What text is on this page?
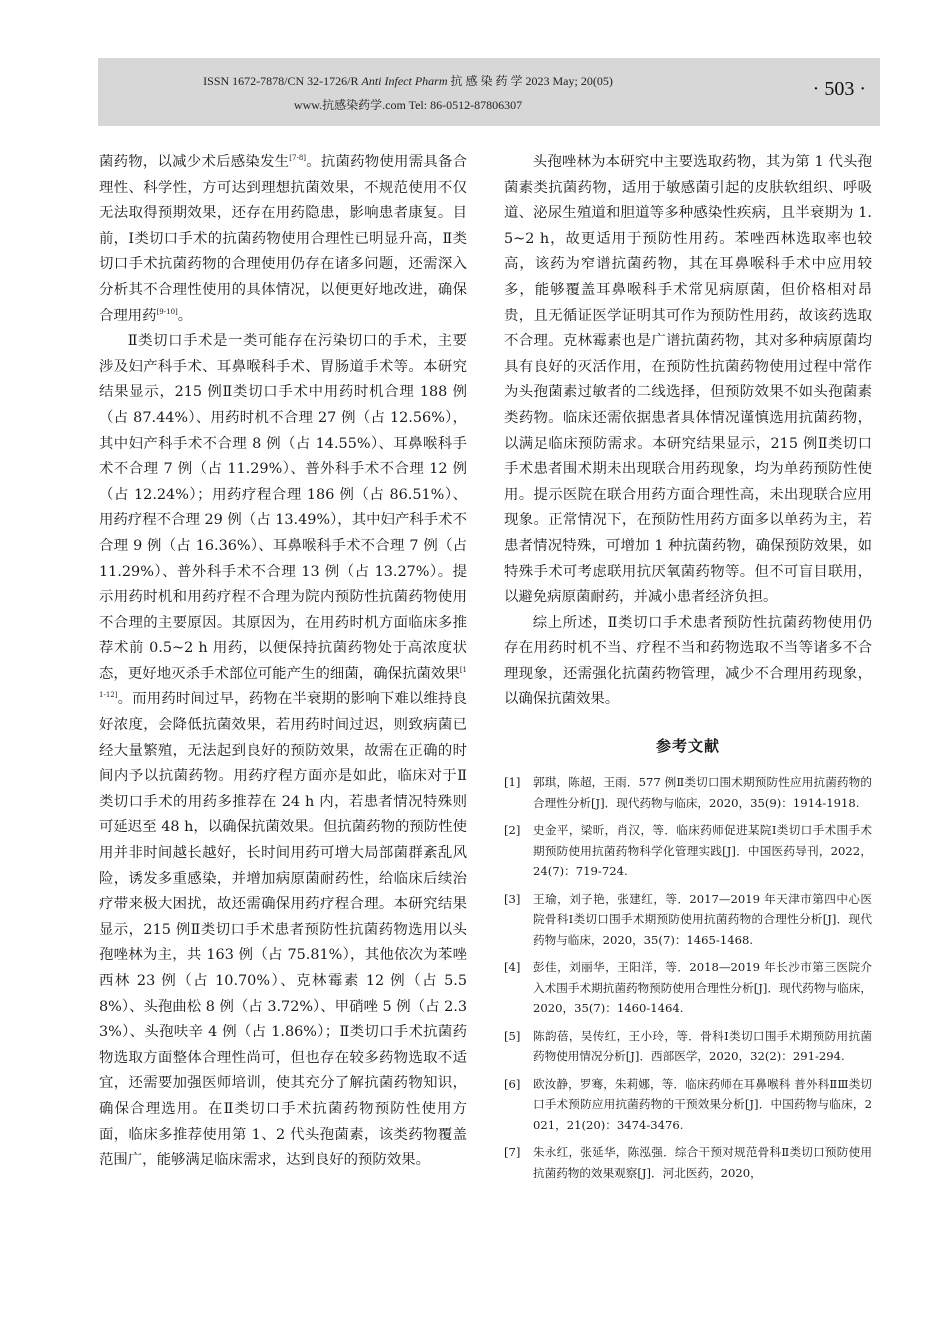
ISSN 1672-7878/CN 32-1726/R Anti Infect Pharm 抗 感 染 药 学 2023 May; 20(05)
www.抗感染药学.com Tel: 86-0512-87806307
· 503 ·

菌药物，以减少术后感染发生[7-8]。抗菌药物使用需具备合理性、科学性，方可达到理想抗菌效果，不规范使用不仅无法取得预期效果，还存在用药隐患，影响患者康复。目前，Ⅰ类切口手术的抗菌药物使用合理性已明显升高，Ⅱ类切口手术抗菌药物的合理使用仍存在诸多问题，还需深入分析其不合理性使用的具体情况，以便更好地改进，确保合理用药[9-10]。

Ⅱ类切口手术是一类可能存在污染切口的手术，主要涉及妇产科手术、耳鼻喉科手术、胃肠道手术等。本研究结果显示，215 例Ⅱ类切口手术中用药时机合理 188 例（占 87.44%）、用药时机不合理 27 例（占 12.56%），其中妇产科手术不合理 8 例（占 14.55%）、耳鼻喉科手术不合理 7 例（占 11.29%）、普外科手术不合理 12 例（占 12.24%）；用药疗程合理 186 例（占 86.51%）、用药疗程不合理 29 例（占 13.49%），其中妇产科手术不合理 9 例（占 16.36%）、耳鼻喉科手术不合理 7 例（占 11.29%）、普外科手术不合理 13 例（占 13.27%）。提示用药时机和用药疗程不合理为院内预防性抗菌药物使用不合理的主要原因。其原因为，在用药时机方面临床多推荐术前 0.5~2 h 用药，以便保持抗菌药物处于高浓度状态，更好地灭杀手术部位可能产生的细菌，确保抗菌效果[11-12]。而用药时间过早，药物在半衰期的影响下难以维持良好浓度，会降低抗菌效果，若用药时间过迟，则致病菌已经大量繁殖，无法起到良好的预防效果，故需在正确的时间内予以抗菌药物。用药疗程方面亦是如此，临床对于Ⅱ类切口手术的用药多推荐在 24 h 内，若患者情况特殊则可延迟至 48 h，以确保抗菌效果。但抗菌药物的预防性使用并非时间越长越好，长时间用药可增大局部菌群紊乱风险，诱发多重感染，并增加病原菌耐药性，给临床后续治疗带来极大困扰，故还需确保用药疗程合理。本研究结果显示，215 例Ⅱ类切口手术患者预防性抗菌药物选用以头孢唑林为主，共 163 例（占 75.81%），其他依次为苯唑西林 23 例（占 10.70%）、克林霉素 12 例（占 5.58%）、头孢曲松 8 例（占 3.72%）、甲硝唑 5 例（占 2.33%）、头孢呋辛 4 例（占 1.86%）；Ⅱ类切口手术抗菌药物选取方面整体合理性尚可，但也存在较多药物选取不适宜，还需要加强医师培训，使其充分了解抗菌药物知识，确保合理选用。在Ⅱ类切口手术抗菌药物预防性使用方面，临床多推荐使用第 1、2 代头孢菌素，该类药物覆盖范围广，能够满足临床需求，达到良好的预防效果。

头孢唑林为本研究中主要选取药物，其为第 1 代头孢菌素类抗菌药物，适用于敏感菌引起的皮肤软组织、呼吸道、泌尿生殖道和胆道等多种感染性疾病，且半衰期为 1.5~2 h，故更适用于预防性用药。苯唑西林选取率也较高，该药为窄谱抗菌药物，其在耳鼻喉科手术中应用较多，能够覆盖耳鼻喉科手术常见病原菌，但价格相对昂贵，且无循证医学证明其可作为预防性用药，故该药选取不合理。克林霉素也是广谱抗菌药物，其对多种病原菌均具有良好的灭活作用，在预防性抗菌药物使用过程中常作为头孢菌素过敏者的二线选择，但预防效果不如头孢菌素类药物。临床还需依据患者具体情况谨慎选用抗菌药物，以满足临床预防需求。本研究结果显示，215 例Ⅱ类切口手术患者围术期未出现联合用药现象，均为单药预防性使用。提示医院在联合用药方面合理性高，未出现联合应用现象。正常情况下，在预防性用药方面多以单药为主，若患者情况特殊，可增加 1 种抗菌药物，确保预防效果，如特殊手术可考虑联用抗厌氧菌药物等。但不可盲目联用，以避免病原菌耐药，并减小患者经济负担。

综上所述，Ⅱ类切口手术患者预防性抗菌药物使用仍存在用药时机不当、疗程不当和药物选取不当等诸多不合理现象，还需强化抗菌药物管理，减少不合理用药现象，以确保抗菌效果。

参考文献
[1] 郭琪，陈超，王雨．577 例Ⅱ类切口围术期预防性应用抗菌药物的合理性分析[J]．现代药物与临床，2020，35(9)：1914-1918.
[2] 史金平，梁昕，肖汉，等．临床药师促进某院Ⅰ类切口手术围手术期预防使用抗菌药物科学化管理实践[J]．中国医药导刊，2022，24(7)：719-724.
[3] 王瑜，刘子艳，张建红，等．2017—2019 年天津市第四中心医院骨科Ⅰ类切口围手术期预防使用抗菌药物的合理性分析[J]．现代药物与临床，2020，35(7)：1465-1468.
[4] 彭佳，刘丽华，王阳洋，等．2018—2019 年长沙市第三医院介入术围手术期抗菌药物预防使用合理性分析[J]．现代药物与临床，2020，35(7)：1460-1464.
[5] 陈韵蓓，吴传红，王小玲，等．骨科Ⅰ类切口围手术期预防用抗菌药物使用情况分析[J]．西部医学，2020，32(2)：291-294.
[6] 欧汝静，罗骞，朱莉娜，等．临床药师在耳鼻喉科 普外科ⅡⅢ类切口手术预防应用抗菌药物的干预效果分析[J]．中国药物与临床，2021，21(20)：3474-3476.
[7] 朱永红，张延华，陈泓强．综合干预对规范骨科Ⅱ类切口预防使用抗菌药物的效果观察[J]．河北医药，2020，
